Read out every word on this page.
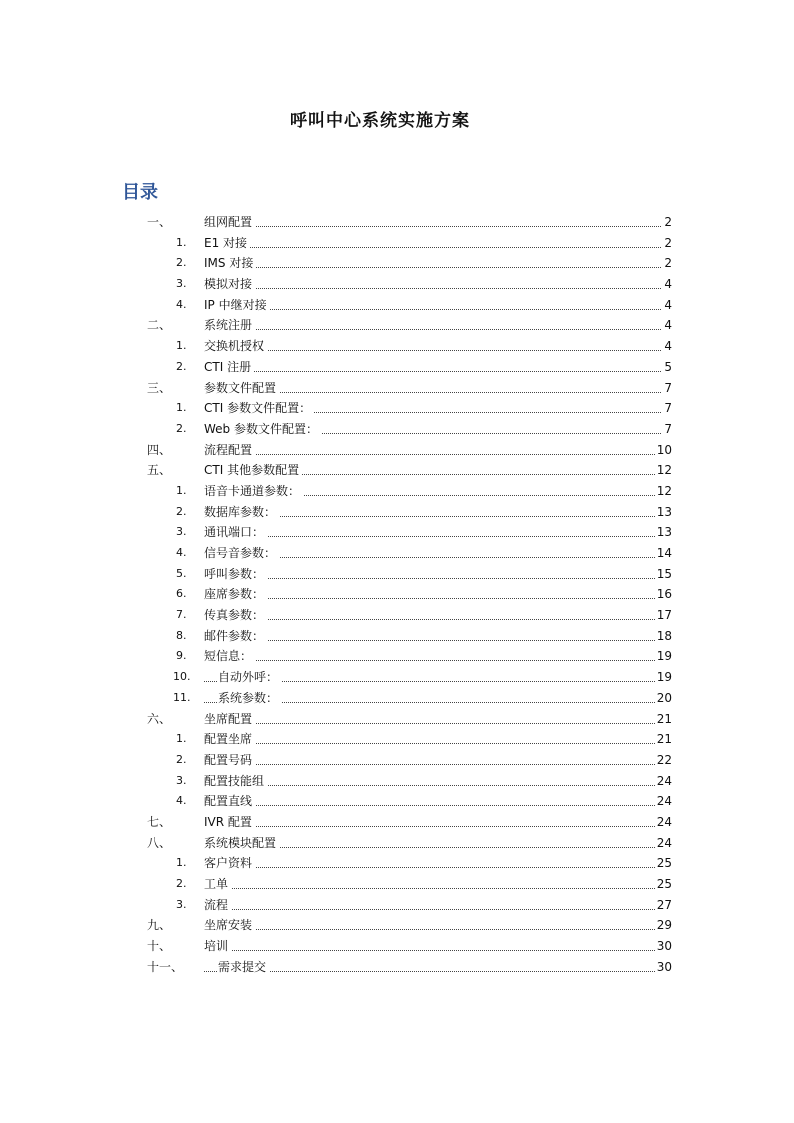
呼叫中心系统实施方案
目录
一、	组网配置	2
1. E1 对接	2
2. IMS 对接	2
3. 模拟对接	4
4. IP 中继对接	4
二、	系统注册	4
1. 交换机授权	4
2. CTI 注册	5
三、	参数文件配置	7
1. CTI 参数文件配置：	7
2. Web 参数文件配置：	7
四、	流程配置	10
五、	CTI 其他参数配置	12
1. 语音卡通道参数：	12
2. 数据库参数：	13
3. 通讯端口：	13
4. 信号音参数：	14
5. 呼叫参数：	15
6. 座席参数：	16
7. 传真参数：	17
8. 邮件参数：	18
9. 短信息：	19
10. 自动外呼：	19
11. 系统参数：	20
六、	坐席配置	21
1. 配置坐席	21
2. 配置号码	22
3. 配置技能组	24
4. 配置直线	24
七、	IVR 配置	24
八、	系统模块配置	24
1. 客户资料	25
2. 工单	25
3. 流程	27
九、	坐席安装	29
十、	培训	30
十一、	需求提交	30
